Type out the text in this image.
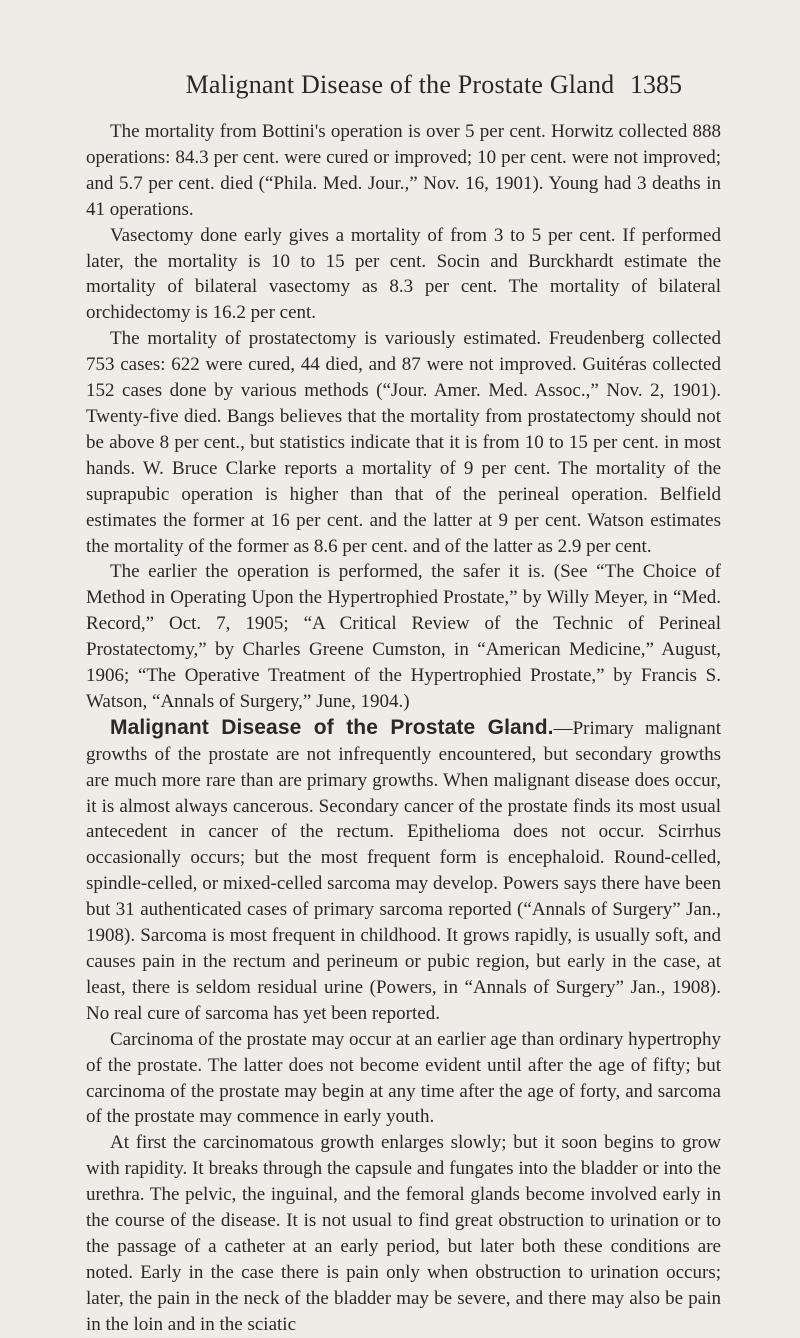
Malignant Disease of the Prostate Gland 1385

The mortality from Bottini's operation is over 5 per cent. Horwitz collected 888 operations: 84.3 per cent. were cured or improved; 10 per cent. were not improved; and 5.7 per cent. died (“Phila. Med. Jour.,” Nov. 16, 1901). Young had 3 deaths in 41 operations.

Vasectomy done early gives a mortality of from 3 to 5 per cent. If performed later, the mortality is 10 to 15 per cent. Socin and Burckhardt estimate the mortality of bilateral vasectomy as 8.3 per cent. The mortality of bilateral orchidectomy is 16.2 per cent.

The mortality of prostatectomy is variously estimated. Freudenberg collected 753 cases: 622 were cured, 44 died, and 87 were not improved. Guitéras collected 152 cases done by various methods (“Jour. Amer. Med. Assoc.,” Nov. 2, 1901). Twenty-five died. Bangs believes that the mortality from prostatectomy should not be above 8 per cent., but statistics indicate that it is from 10 to 15 per cent. in most hands. W. Bruce Clarke reports a mortality of 9 per cent. The mortality of the suprapubic operation is higher than that of the perineal operation. Belfield estimates the former at 16 per cent. and the latter at 9 per cent. Watson estimates the mortality of the former as 8.6 per cent. and of the latter as 2.9 per cent.

The earlier the operation is performed, the safer it is. (See “The Choice of Method in Operating Upon the Hypertrophied Prostate,” by Willy Meyer, in “Med. Record,” Oct. 7, 1905; “A Critical Review of the Technic of Perineal Prostatectomy,” by Charles Greene Cumston, in “American Medicine,” August, 1906; “The Operative Treatment of the Hypertrophied Prostate,” by Francis S. Watson, “Annals of Surgery,” June, 1904.)

Malignant Disease of the Prostate Gland.—Primary malignant growths of the prostate are not infrequently encountered, but secondary growths are much more rare than are primary growths. When malignant disease does occur, it is almost always cancerous. Secondary cancer of the prostate finds its most usual antecedent in cancer of the rectum. Epithelioma does not occur. Scirrhus occasionally occurs; but the most frequent form is encephaloid. Round-celled, spindle-celled, or mixed-celled sarcoma may develop. Powers says there have been but 31 authenticated cases of primary sarcoma reported (“Annals of Surgery” Jan., 1908). Sarcoma is most frequent in childhood. It grows rapidly, is usually soft, and causes pain in the rectum and perineum or pubic region, but early in the case, at least, there is seldom residual urine (Powers, in “Annals of Surgery” Jan., 1908). No real cure of sarcoma has yet been reported.

Carcinoma of the prostate may occur at an earlier age than ordinary hypertrophy of the prostate. The latter does not become evident until after the age of fifty; but carcinoma of the prostate may begin at any time after the age of forty, and sarcoma of the prostate may commence in early youth.

At first the carcinomatous growth enlarges slowly; but it soon begins to grow with rapidity. It breaks through the capsule and fungates into the bladder or into the urethra. The pelvic, the inguinal, and the femoral glands become involved early in the course of the disease. It is not usual to find great obstruction to urination or to the passage of a catheter at an early period, but later both these conditions are noted. Early in the case there is pain only when obstruction to urination occurs; later, the pain in the neck of the bladder may be severe, and there may also be pain in the loin and in the sciatic
